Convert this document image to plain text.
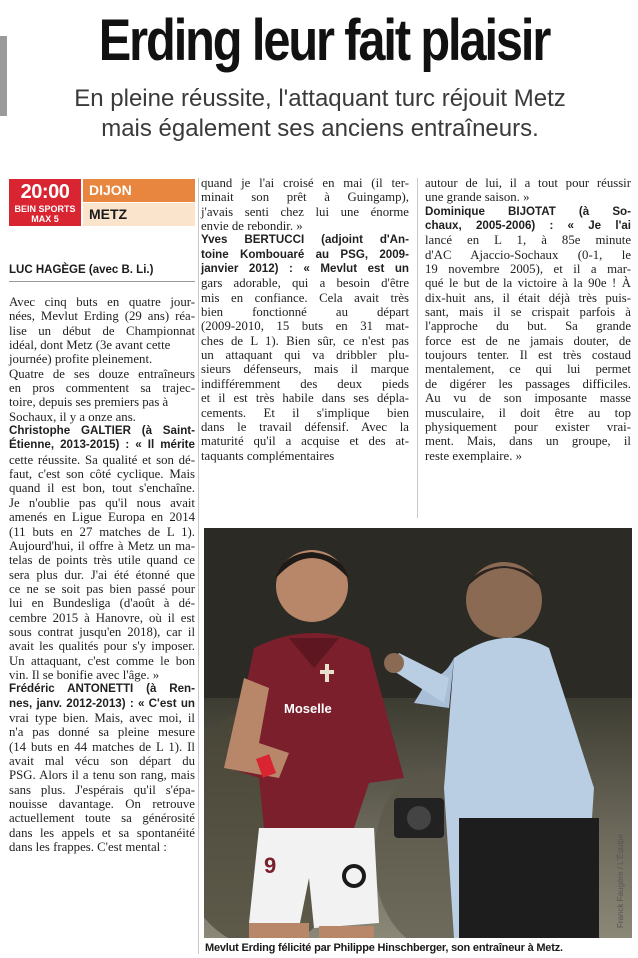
Erding leur fait plaisir
En pleine réussite, l'attaquant turc réjouit Metz
mais également ses anciens entraîneurs.
20:00
BEIN SPORTS
MAX 5
DIJON
METZ
LUC HAGÈGE (avec B. Li.)
Avec cinq buts en quatre jour-
nées, Mevlut Erding (29 ans) réa-
lise un début de Championnat
idéal, dont Metz (3e avant cette
journée) profite pleinement.
Quatre de ses douze entraîneurs
en pros commentent sa trajec-
toire, depuis ses premiers pas à
Sochaux, il y a onze ans.
Christophe GALTIER (à Saint-
Étienne, 2013-2015) : « Il mérite
cette réussite. Sa qualité et son dé-
faut, c'est son côté cyclique. Mais
quand il est bon, tout s'enchaîne.
Je n'oublie pas qu'il nous avait
amenés en Ligue Europa en 2014
(11 buts en 27 matches de L 1).
Aujourd'hui, il offre à Metz un ma-
telas de points très utile quand ce
sera plus dur. J'ai été étonné que
ce ne se soit pas bien passé pour
lui en Bundesliga (d'août à dé-
cembre 2015 à Hanovre, où il est
sous contrat jusqu'en 2018), car il
avait les qualités pour s'y imposer.
Un attaquant, c'est comme le bon
vin. Il se bonifie avec l'âge. »
Frédéric ANTONETTI (à Ren-
nes, janv. 2012-2013) : « C'est un
vrai type bien. Mais, avec moi, il
n'a pas donné sa pleine mesure
(14 buts en 44 matches de L 1). Il
avait mal vécu son départ du
PSG. Alors il a tenu son rang, mais
sans plus. J'espérais qu'il s'épa-
nouisse davantage. On retrouve
actuellement toute sa générosité
dans les appels et sa spontanéité
dans les frappes. C'est mental :
quand je l'ai croisé en mai (il ter-
minait son prêt à Guingamp),
j'avais senti chez lui une énorme
envie de rebondir. »
Yves BERTUCCI (adjoint d'An-
toine Kombouaré au PSG, 2009-
janvier 2012) : « Mevlut est un
gars adorable, qui a besoin d'être
mis en confiance. Cela avait très
bien fonctionné au départ
(2009-2010, 15 buts en 31 mat-
ches de L 1). Bien sûr, ce n'est pas
un attaquant qui va dribbler plu-
sieurs défenseurs, mais il marque
indifféremment des deux pieds
et il est très habile dans ses dépla-
cements. Et il s'implique bien
dans le travail défensif. Avec la
maturité qu'il a acquise et des at-
taquants complémentaires
autour de lui, il a tout pour réussir
une grande saison. »
Dominique BIJOTAT (à So-
chaux, 2005-2006) : « Je l'ai
lancé en L 1, à 85e minute
d'AC Ajaccio-Sochaux (0-1, le
19 novembre 2005), et il a mar-
qué le but de la victoire à la 90e ! À
dix-huit ans, il était déjà très puis-
sant, mais il se crispait parfois à
l'approche du but. Sa grande
force est de ne jamais douter, de
toujours tenter. Il est très costaud
mentalement, ce qui lui permet
de digérer les passages difficiles.
Au vu de son imposante masse
musculaire, il doit être au top
physiquement pour exister vrai-
ment. Mais, dans un groupe, il
reste exemplaire. »
Moselle
9	Franck Faugère / L'Équipe
Mevlut Erding félicité par Philippe Hinschberger, son entraîneur à Metz.
